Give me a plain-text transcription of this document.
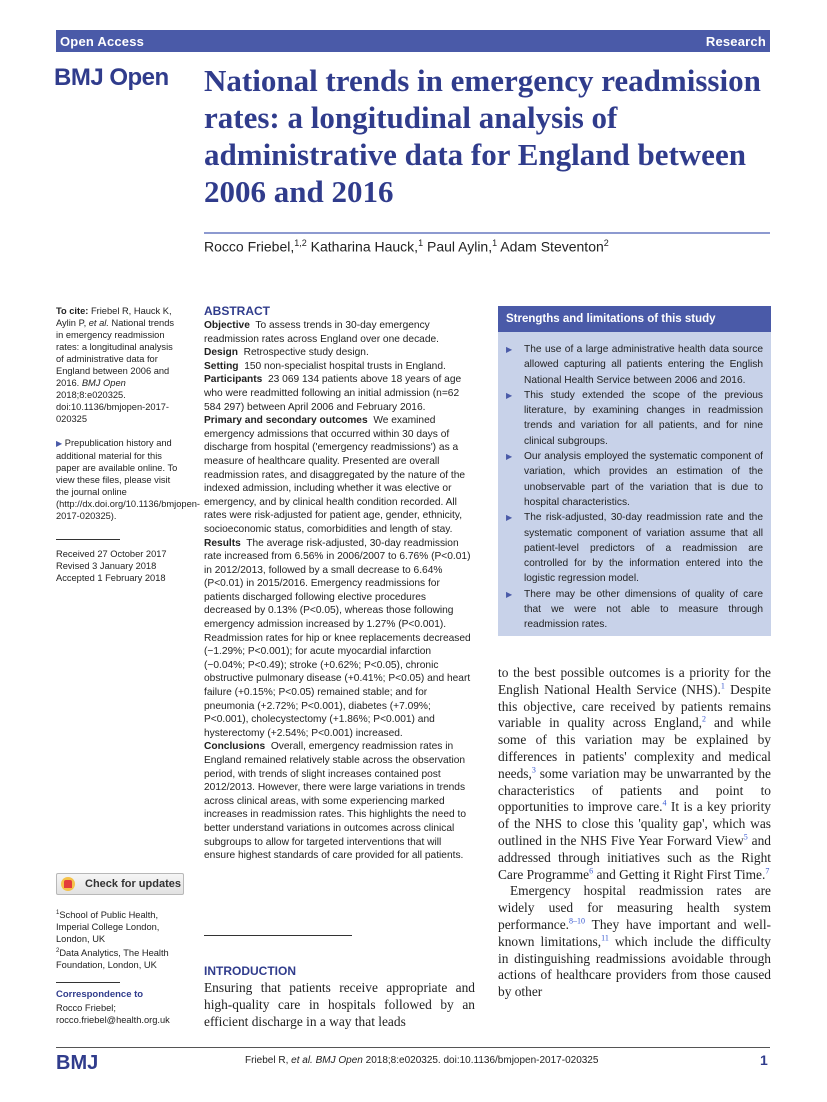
Open Access	Research
BMJ Open National trends in emergency readmission rates: a longitudinal analysis of administrative data for England between 2006 and 2016
Rocco Friebel,$^{1,2}$ Katharina Hauck,$^1$ Paul Aylin,$^1$ Adam Steventon$^2$
To cite: Friebel R, Hauck K, Aylin P, et al. National trends in emergency readmission rates: a longitudinal analysis of administrative data for England between 2006 and 2016. BMJ Open 2018;8:e020325. doi:10.1136/bmjopen-2017-020325
▶ Prepublication history and additional material for this paper are available online. To view these files, please visit the journal online (http://dx.doi.org/10.1136/bmjopen-2017-020325).
Received 27 October 2017
Revised 3 January 2018
Accepted 1 February 2018
Check for updates
$^1$School of Public Health, Imperial College London, London, UK
$^2$Data Analytics, The Health Foundation, London, UK
Correspondence to
Rocco Friebel;
rocco.friebel@health.org.uk
ABSTRACT

Objective To assess trends in 30-day emergency readmission rates across England over one decade.

Design Retrospective study design.

Setting 150 non-specialist hospital trusts in England.

Participants 23 069 134 patients above 18 years of age who were readmitted following an initial admission (n=62 584 297) between April 2006 and February 2016.

Primary and secondary outcomes We examined emergency admissions that occurred within 30 days of discharge from hospital ('emergency readmissions') as a measure of healthcare quality. Presented are overall readmission rates, and disaggregated by the nature of the indexed admission, including whether it was elective or emergency, and by clinical health condition recorded. All rates were risk-adjusted for patient age, gender, ethnicity, socioeconomic status, comorbidities and length of stay.

Results The average risk-adjusted, 30-day readmission rate increased from 6.56% in 2006/2007 to 6.76% (P<0.01) in 2012/2013, followed by a small decrease to 6.64% (P<0.01) in 2015/2016. Emergency readmissions for patients discharged following elective procedures decreased by 0.13% (P<0.05), whereas those following emergency admission increased by 1.27% (P<0.001). Readmission rates for hip or knee replacements decreased (−1.29%; P<0.001); for acute myocardial infarction (−0.04%; P<0.49); stroke (+0.62%; P<0.05), chronic obstructive pulmonary disease (+0.41%; P<0.05) and heart failure (+0.15%; P<0.05) remained stable; and for pneumonia (+2.72%; P<0.001), diabetes (+7.09%; P<0.001), cholecystectomy (+1.86%; P<0.001) and hysterectomy (+2.54%; P<0.001) increased.

Conclusions Overall, emergency readmission rates in England remained relatively stable across the observation period, with trends of slight increases contained post 2012/2013. However, there were large variations in trends across clinical areas, with some experiencing marked increases in readmission rates. This highlights the need to better understand variations in outcomes across clinical subgroups to allow for targeted interventions that will ensure highest standards of care provided for all patients.

INTRODUCTION
Ensuring that patients receive appropriate and high-quality care in hospitals followed by an efficient discharge in a way that leads
Strengths and limitations of this study
▶ The use of a large administrative health data source allowed capturing all patients entering the English National Health Service between 2006 and 2016.
▶ This study extended the scope of the previous literature, by examining changes in readmission trends and variation for all patients, and for nine clinical subgroups.
▶ Our analysis employed the systematic component of variation, which provides an estimation of the unobservable part of the variation that is due to hospital characteristics.
▶ The risk-adjusted, 30-day readmission rate and the systematic component of variation assume that all patient-level predictors of a readmission are controlled for by the information entered into the logistic regression model.
▶ There may be other dimensions of quality of care that we were not able to measure through readmission rates.

to the best possible outcomes is a priority for the English National Health Service (NHS).$^1$ Despite this objective, care received by patients remains variable in quality across England,$^2$ and while some of this variation may be explained by differences in patients' complexity and medical needs,$^3$ some variation may be unwarranted by the characteristics of patients and point to opportunities to improve care.$^4$ It is a key priority of the NHS to close this 'quality gap', which was outlined in the NHS Five Year Forward View$^5$ and addressed through initiatives such as the Right Care Programme$^6$ and Getting it Right First Time.$^7$

Emergency hospital readmission rates are widely used for measuring health system performance.$^{8-10}$ They have important and well-known limitations,$^{11}$ which include the difficulty in distinguishing readmissions avoidable through actions of healthcare providers from those caused by other

BMJ	Friebel R, et al. BMJ Open 2018;8:e020325. doi:10.1136/bmjopen-2017-020325	1
